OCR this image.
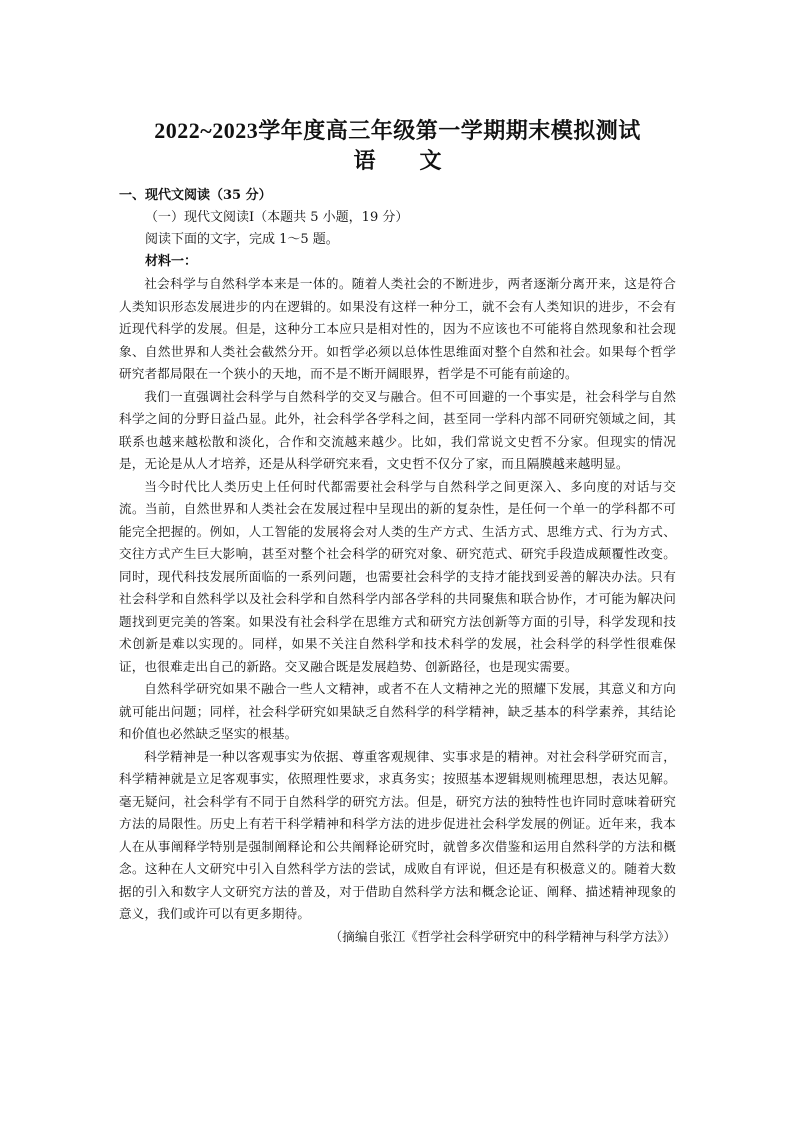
2022~2023学年度高三年级第一学期期末模拟测试
语文

一、现代文阅读（35 分）

（一）现代文阅读Ⅰ（本题共 5 小题，19 分）

阅读下面的文字，完成 1～5 题。

材料一：

社会科学与自然科学本来是一体的。随着人类社会的不断进步，两者逐渐分离开来，这是符合人类知识形态发展进步的内在逻辑的。如果没有这样一种分工，就不会有人类知识的进步，不会有近现代科学的发展。但是，这种分工本应只是相对性的，因为不应该也不可能将自然现象和社会现象、自然世界和人类社会截然分开。如哲学必须以总体性思维面对整个自然和社会。如果每个哲学研究者都局限在一个狭小的天地，而不是不断开阔眼界，哲学是不可能有前途的。

我们一直强调社会科学与自然科学的交叉与融合。但不可回避的一个事实是，社会科学与自然科学之间的分野日益凸显。此外，社会科学各学科之间，甚至同一学科内部不同研究领域之间，其联系也越来越松散和淡化，合作和交流越来越少。比如，我们常说文史哲不分家。但现实的情况是，无论是从人才培养，还是从科学研究来看，文史哲不仅分了家，而且隔膜越来越明显。

当今时代比人类历史上任何时代都需要社会科学与自然科学之间更深入、多向度的对话与交流。当前，自然世界和人类社会在发展过程中呈现出的新的复杂性，是任何一个单一的学科都不可能完全把握的。例如，人工智能的发展将会对人类的生产方式、生活方式、思维方式、行为方式、交往方式产生巨大影响，甚至对整个社会科学的研究对象、研究范式、研究手段造成颠覆性改变。同时，现代科技发展所面临的一系列问题，也需要社会科学的支持才能找到妥善的解决办法。只有社会科学和自然科学以及社会科学和自然科学内部各学科的共同聚焦和联合协作，才可能为解决问题找到更完美的答案。如果没有社会科学在思维方式和研究方法创新等方面的引导，科学发现和技术创新是难以实现的。同样，如果不关注自然科学和技术科学的发展，社会科学的科学性很难保证，也很难走出自己的新路。交叉融合既是发展趋势、创新路径，也是现实需要。

自然科学研究如果不融合一些人文精神，或者不在人文精神之光的照耀下发展，其意义和方向就可能出问题；同样，社会科学研究如果缺乏自然科学的科学精神，缺乏基本的科学素养，其结论和价值也必然缺乏坚实的根基。

科学精神是一种以客观事实为依据、尊重客观规律、实事求是的精神。对社会科学研究而言，科学精神就是立足客观事实，依照理性要求，求真务实；按照基本逻辑规则梳理思想，表达见解。毫无疑问，社会科学有不同于自然科学的研究方法。但是，研究方法的独特性也许同时意味着研究方法的局限性。历史上有若干科学精神和科学方法的进步促进社会科学发展的例证。近年来，我本人在从事阐释学特别是强制阐释论和公共阐释论研究时，就曾多次借鉴和运用自然科学的方法和概念。这种在人文研究中引入自然科学方法的尝试，成败自有评说，但还是有积极意义的。随着大数据的引入和数字人文研究方法的普及，对于借助自然科学方法和概念论证、阐释、描述精神现象的意义，我们或许可以有更多期待。

（摘编自张江《哲学社会科学研究中的科学精神与科学方法》）
